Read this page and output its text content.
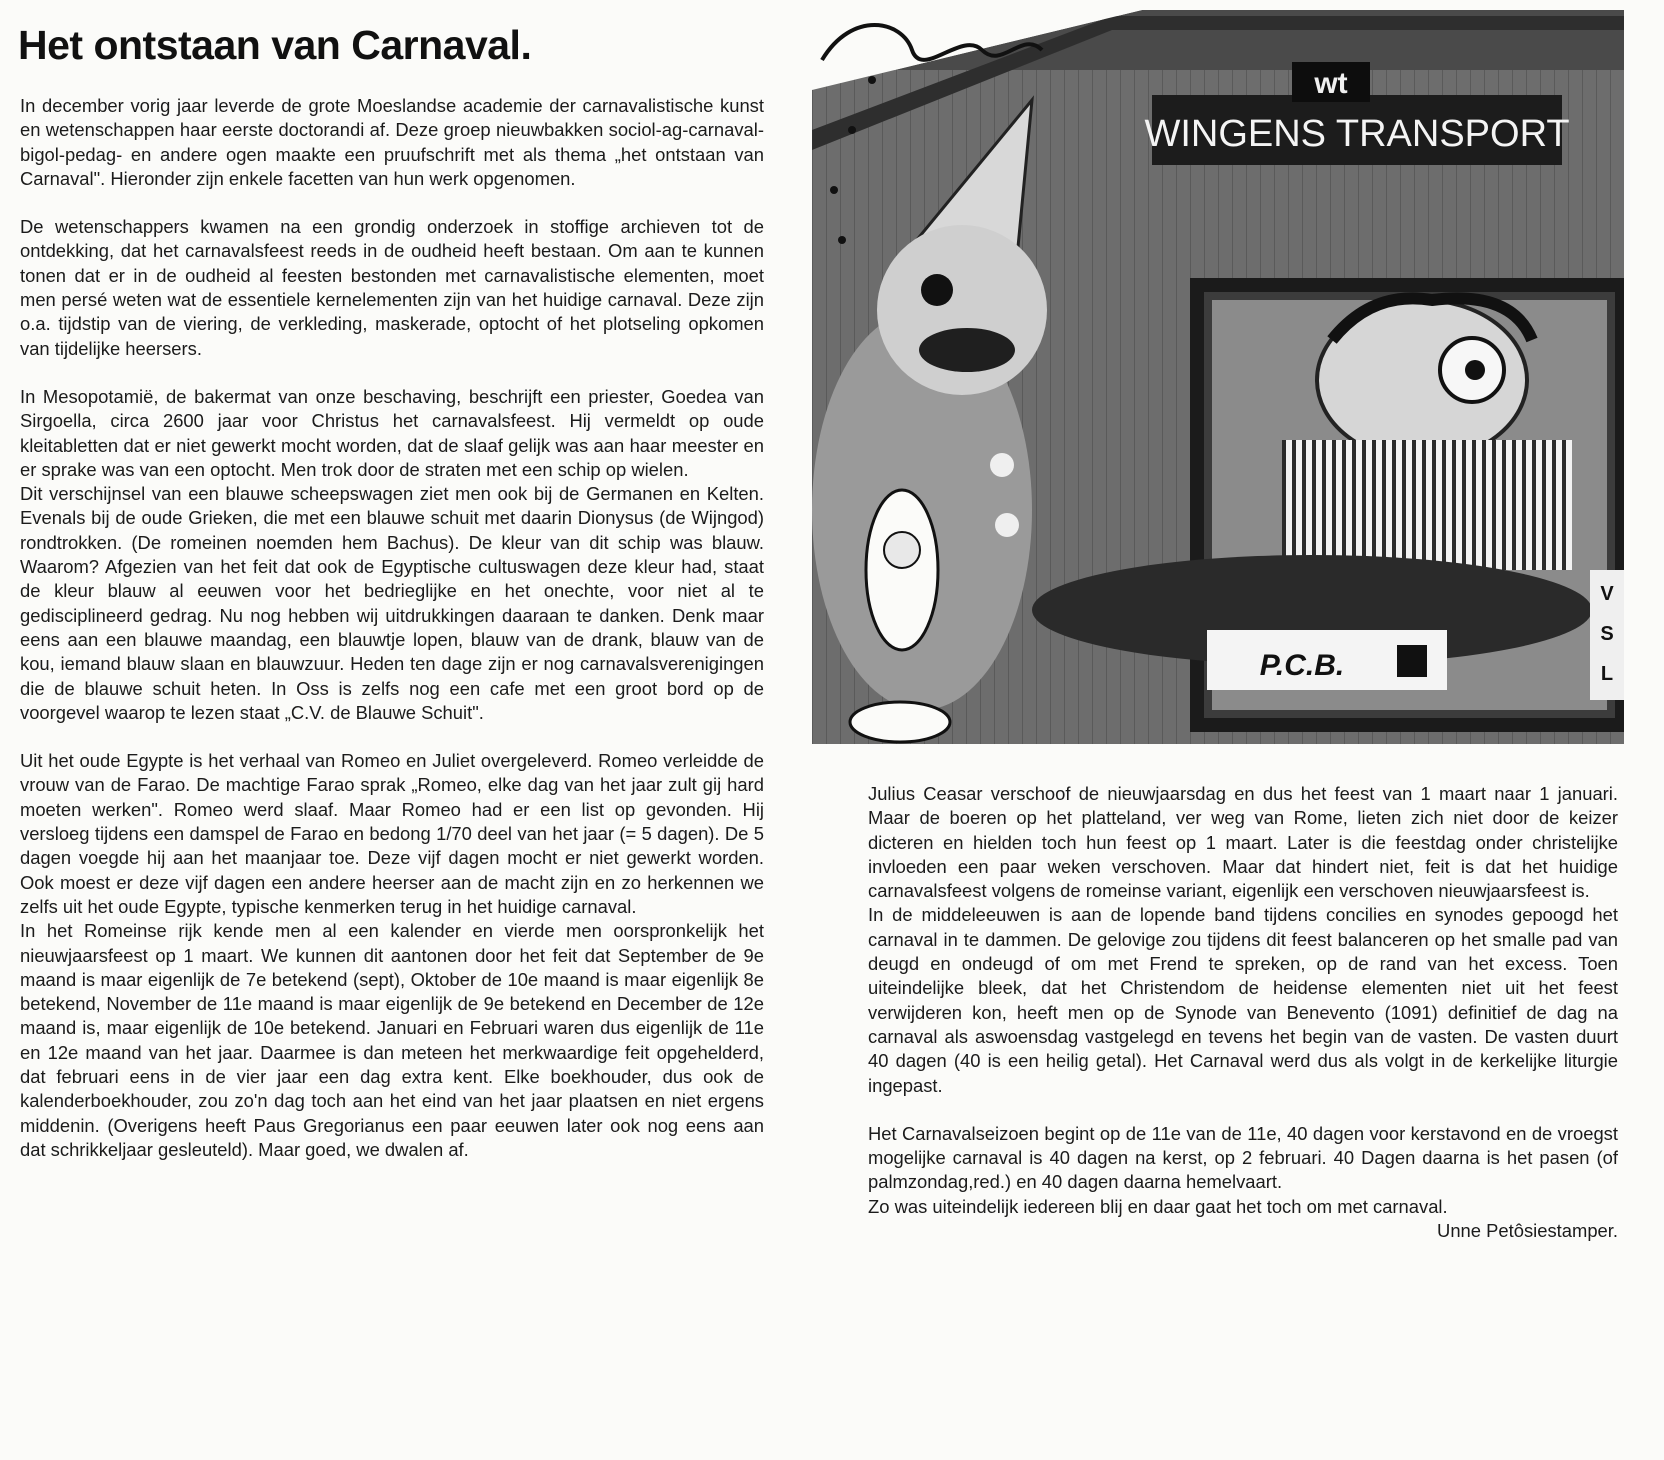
Het ontstaan van Carnaval.

In december vorig jaar leverde de grote Moeslandse academie der carnavalistische kunst en wetenschappen haar eerste doctorandi af. Deze groep nieuwbakken sociol-ag-carnaval-bigol-pedag- en andere ogen maakte een pruufschrift met als thema „het ontstaan van Carnaval". Hieronder zijn enkele facetten van hun werk opgenomen.

De wetenschappers kwamen na een grondig onderzoek in stoffige archieven tot de ontdekking, dat het carnavalsfeest reeds in de oudheid heeft bestaan. Om aan te kunnen tonen dat er in de oudheid al feesten bestonden met carnavalistische elementen, moet men persé weten wat de essentiele kernelementen zijn van het huidige carnaval. Deze zijn o.a. tijdstip van de viering, de verkleding, maskerade, optocht of het plotseling opkomen van tijdelijke heersers.

In Mesopotamië, de bakermat van onze beschaving, beschrijft een priester, Goedea van Sirgoella, circa 2600 jaar voor Christus het carnavalsfeest. Hij vermeldt op oude kleitabletten dat er niet gewerkt mocht worden, dat de slaaf gelijk was aan haar meester en er sprake was van een optocht. Men trok door de straten met een schip op wielen.

Dit verschijnsel van een blauwe scheepswagen ziet men ook bij de Germanen en Kelten. Evenals bij de oude Grieken, die met een blauwe schuit met daarin Dionysus (de Wijngod) rondtrokken. (De romeinen noemden hem Bachus). De kleur van dit schip was blauw. Waarom? Afgezien van het feit dat ook de Egyptische cultuswagen deze kleur had, staat de kleur blauw al eeuwen voor het bedrieglijke en het onechte, voor niet al te gedisciplineerd gedrag. Nu nog hebben wij uitdrukkingen daaraan te danken. Denk maar eens aan een blauwe maandag, een blauwtje lopen, blauw van de drank, blauw van de kou, iemand blauw slaan en blauwzuur. Heden ten dage zijn er nog carnavalsverenigingen die de blauwe schuit heten. In Oss is zelfs nog een cafe met een groot bord op de voorgevel waarop te lezen staat „C.V. de Blauwe Schuit".

Uit het oude Egypte is het verhaal van Romeo en Juliet overgeleverd. Romeo verleidde de vrouw van de Farao. De machtige Farao sprak „Romeo, elke dag van het jaar zult gij hard moeten werken". Romeo werd slaaf. Maar Romeo had er een list op gevonden. Hij versloeg tijdens een damspel de Farao en bedong 1/70 deel van het jaar (= 5 dagen). De 5 dagen voegde hij aan het maanjaar toe. Deze vijf dagen mocht er niet gewerkt worden. Ook moest er deze vijf dagen een andere heerser aan de macht zijn en zo herkennen we zelfs uit het oude Egypte, typische kenmerken terug in het huidige carnaval.

In het Romeinse rijk kende men al een kalender en vierde men oorspronkelijk het nieuwjaarsfeest op 1 maart. We kunnen dit aantonen door het feit dat September de 9e maand is maar eigenlijk de 7e betekend (sept), Oktober de 10e maand is maar eigenlijk 8e betekend, November de 11e maand is maar eigenlijk de 9e betekend en December de 12e maand is, maar eigenlijk de 10e betekend. Januari en Februari waren dus eigenlijk de 11e en 12e maand van het jaar. Daarmee is dan meteen het merkwaardige feit opgehelderd, dat februari eens in de vier jaar een dag extra kent. Elke boekhouder, dus ook de kalenderboekhouder, zou zo'n dag toch aan het eind van het jaar plaatsen en niet ergens middenin. (Overigens heeft Paus Gregorianus een paar eeuwen later ook nog eens aan dat schrikkeljaar gesleuteld). Maar goed, we dwalen af.

Julius Ceasar verschoof de nieuwjaarsdag en dus het feest van 1 maart naar 1 januari. Maar de boeren op het platteland, ver weg van Rome, lieten zich niet door de keizer dicteren en hielden toch hun feest op 1 maart. Later is die feestdag onder christelijke invloeden een paar weken verschoven. Maar dat hindert niet, feit is dat het huidige carnavalsfeest volgens de romeinse variant, eigenlijk een verschoven nieuwjaarsfeest is.

In de middeleeuwen is aan de lopende band tijdens concilies en synodes gepoogd het carnaval in te dammen. De gelovige zou tijdens dit feest balanceren op het smalle pad van deugd en ondeugd of om met Frend te spreken, op de rand van het excess. Toen uiteindelijke bleek, dat het Christendom de heidense elementen niet uit het feest verwijderen kon, heeft men op de Synode van Benevento (1091) definitief de dag na carnaval als aswoensdag vastgelegd en tevens het begin van de vasten. De vasten duurt 40 dagen (40 is een heilig getal). Het Carnaval werd dus als volgt in de kerkelijke liturgie ingepast.

Het Carnavalseizoen begint op de 11e van de 11e, 40 dagen voor kerstavond en de vroegst mogelijke carnaval is 40 dagen na kerst, op 2 februari. 40 Dagen daarna is het pasen (of palmzondag,red.) en 40 dagen daarna hemelvaart.

Zo was uiteindelijk iedereen blij en daar gaat het toch om met carnaval.

Unne Petôsiestamper.

WINGENS TRANSPORT
wt
P.C.B.
V
S
L
